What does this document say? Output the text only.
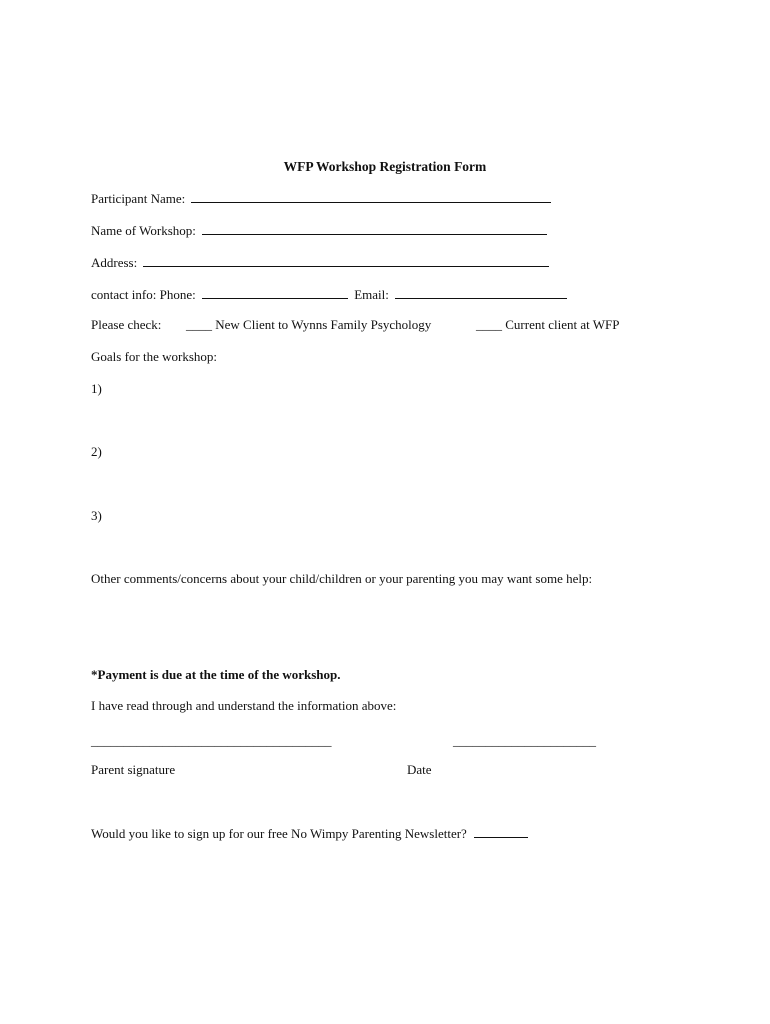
WFP Workshop Registration Form
Participant Name:
Name of Workshop:
Address:
contact info: Phone:	Email:
Please check: ____ New Client to Wynns Family Psychology	____ Current client at WFP
Goals for the workshop:
1)
2)
3)
Other comments/concerns about your child/children or your parenting you may want some help:
*Payment is due at the time of the workshop.
I have read through and understand the information above:
_____________________________________	______________________
Parent signature	Date
Would you like to sign up for our free No Wimpy Parenting Newsletter?
